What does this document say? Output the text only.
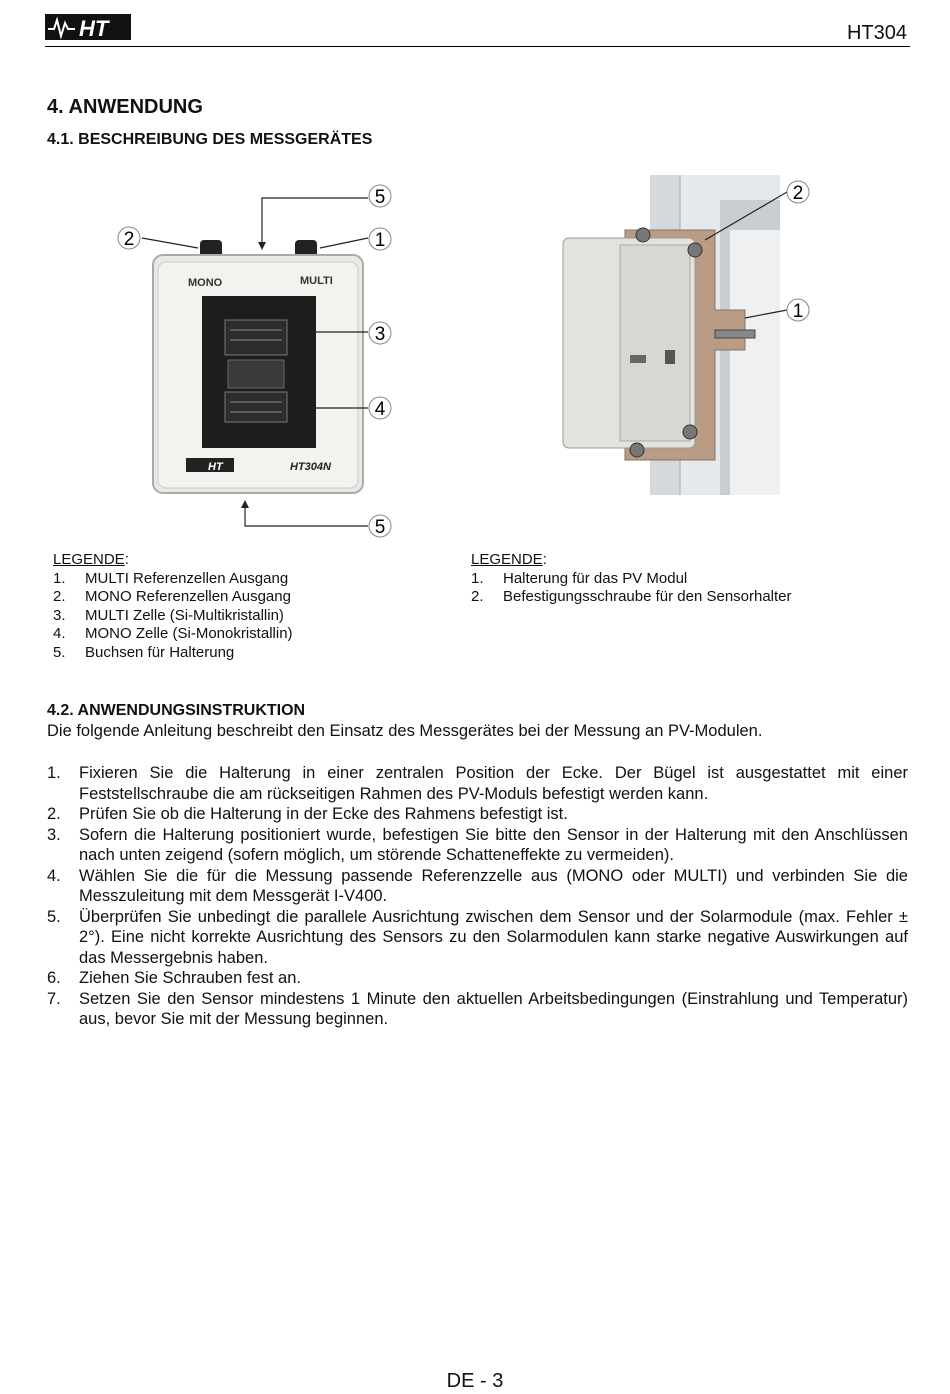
HT	HT304
4. ANWENDUNG
4.1. BESCHREIBUNG DES MESSGERÄTES
MONO	MULTI
HT	HT304N
5
2	1
3
4
5
2
1
LEGENDE:
1.	MULTI Referenzellen Ausgang
2.	MONO Referenzellen Ausgang
3.	MULTI Zelle (Si-Multikristallin)
4.	MONO Zelle (Si-Monokristallin)
5.	Buchsen für Halterung
LEGENDE:
1.	Halterung für das PV Modul
2.	Befestigungsschraube für den Sensorhalter
4.2. ANWENDUNGSINSTRUKTION
Die folgende Anleitung beschreibt den Einsatz des Messgerätes bei der Messung an PV-Modulen.
1.	Fixieren Sie die Halterung in einer zentralen Position der Ecke. Der Bügel ist ausgestattet mit einer Feststellschraube die am rückseitigen Rahmen des PV-Moduls befestigt werden kann.
2.	Prüfen Sie ob die Halterung in der Ecke des Rahmens befestigt ist.
3.	Sofern die Halterung positioniert wurde, befestigen Sie bitte den Sensor in der Halterung mit den Anschlüssen nach unten zeigend (sofern möglich, um störende Schatteneffekte zu vermeiden).
4.	Wählen Sie die für die Messung passende Referenzzelle aus (MONO oder MULTI) und verbinden Sie die Messzuleitung mit dem Messgerät I-V400.
5.	Überprüfen Sie unbedingt die parallele Ausrichtung zwischen dem Sensor und der Solarmodule (max. Fehler ± 2°). Eine nicht korrekte Ausrichtung des Sensors zu den Solarmodulen kann starke negative Auswirkungen auf das Messergebnis haben.
6.	Ziehen Sie Schrauben fest an.
7.	Setzen Sie den Sensor mindestens 1 Minute den aktuellen Arbeitsbedingungen (Einstrahlung und Temperatur) aus, bevor Sie mit der Messung beginnen.
DE - 3
